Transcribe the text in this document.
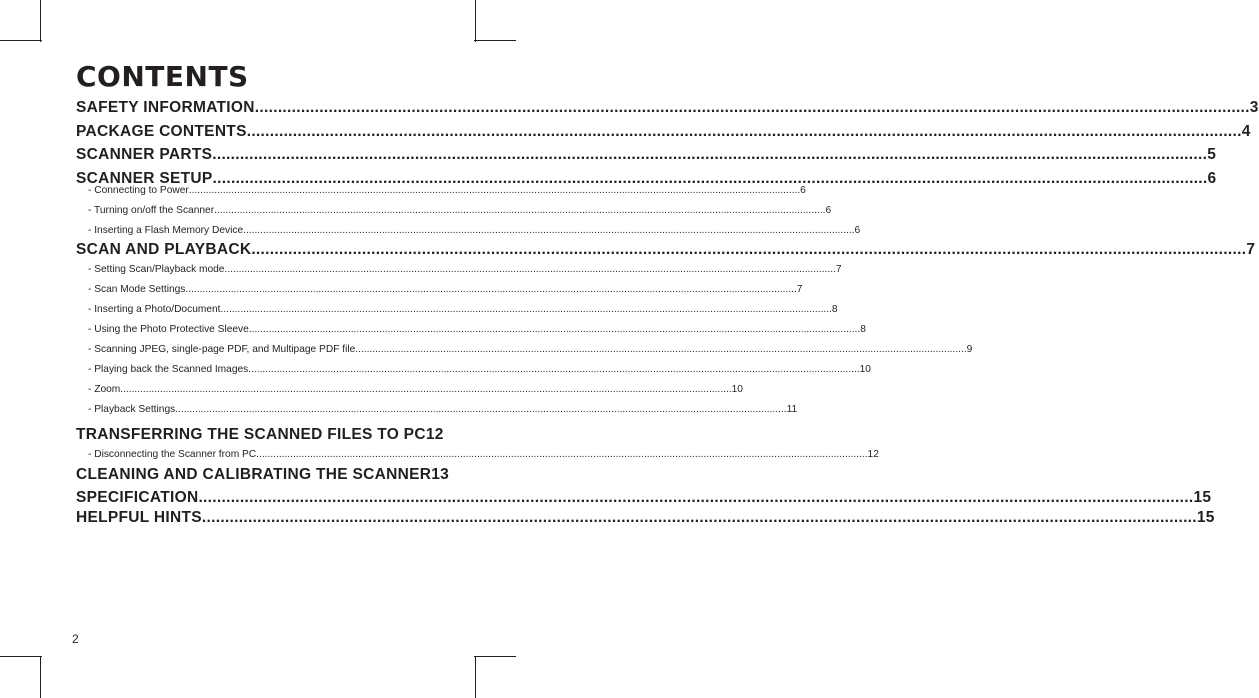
CONTENTS
SAFETY INFORMATION .....	3
PACKAGE CONTENTS .....	4
SCANNER PARTS .....	5
SCANNER SETUP .....	6
- Connecting to Power .....	6
- Turning on/off the Scanner .....	6
- Inserting a Flash Memory Device .....	6
SCAN AND PLAYBACK .....	7
- Setting Scan/Playback mode .....	7
- Scan Mode Settings .....	7
- Inserting a Photo/Document .....	8
- Using the Photo Protective Sleeve .....	8
- Scanning JPEG, single-page PDF, and Multipage PDF file .....	9
- Playing back the Scanned Images .....	10
- Zoom .....	10
- Playback Settings .....	11
TRANSFERRING THE SCANNED FILES TO PC 12
- Disconnecting the Scanner from PC .....	12
CLEANING AND CALIBRATING THE SCANNER 13
SPECIFICATION .....	15
HELPFUL HINTS .....	15
2
